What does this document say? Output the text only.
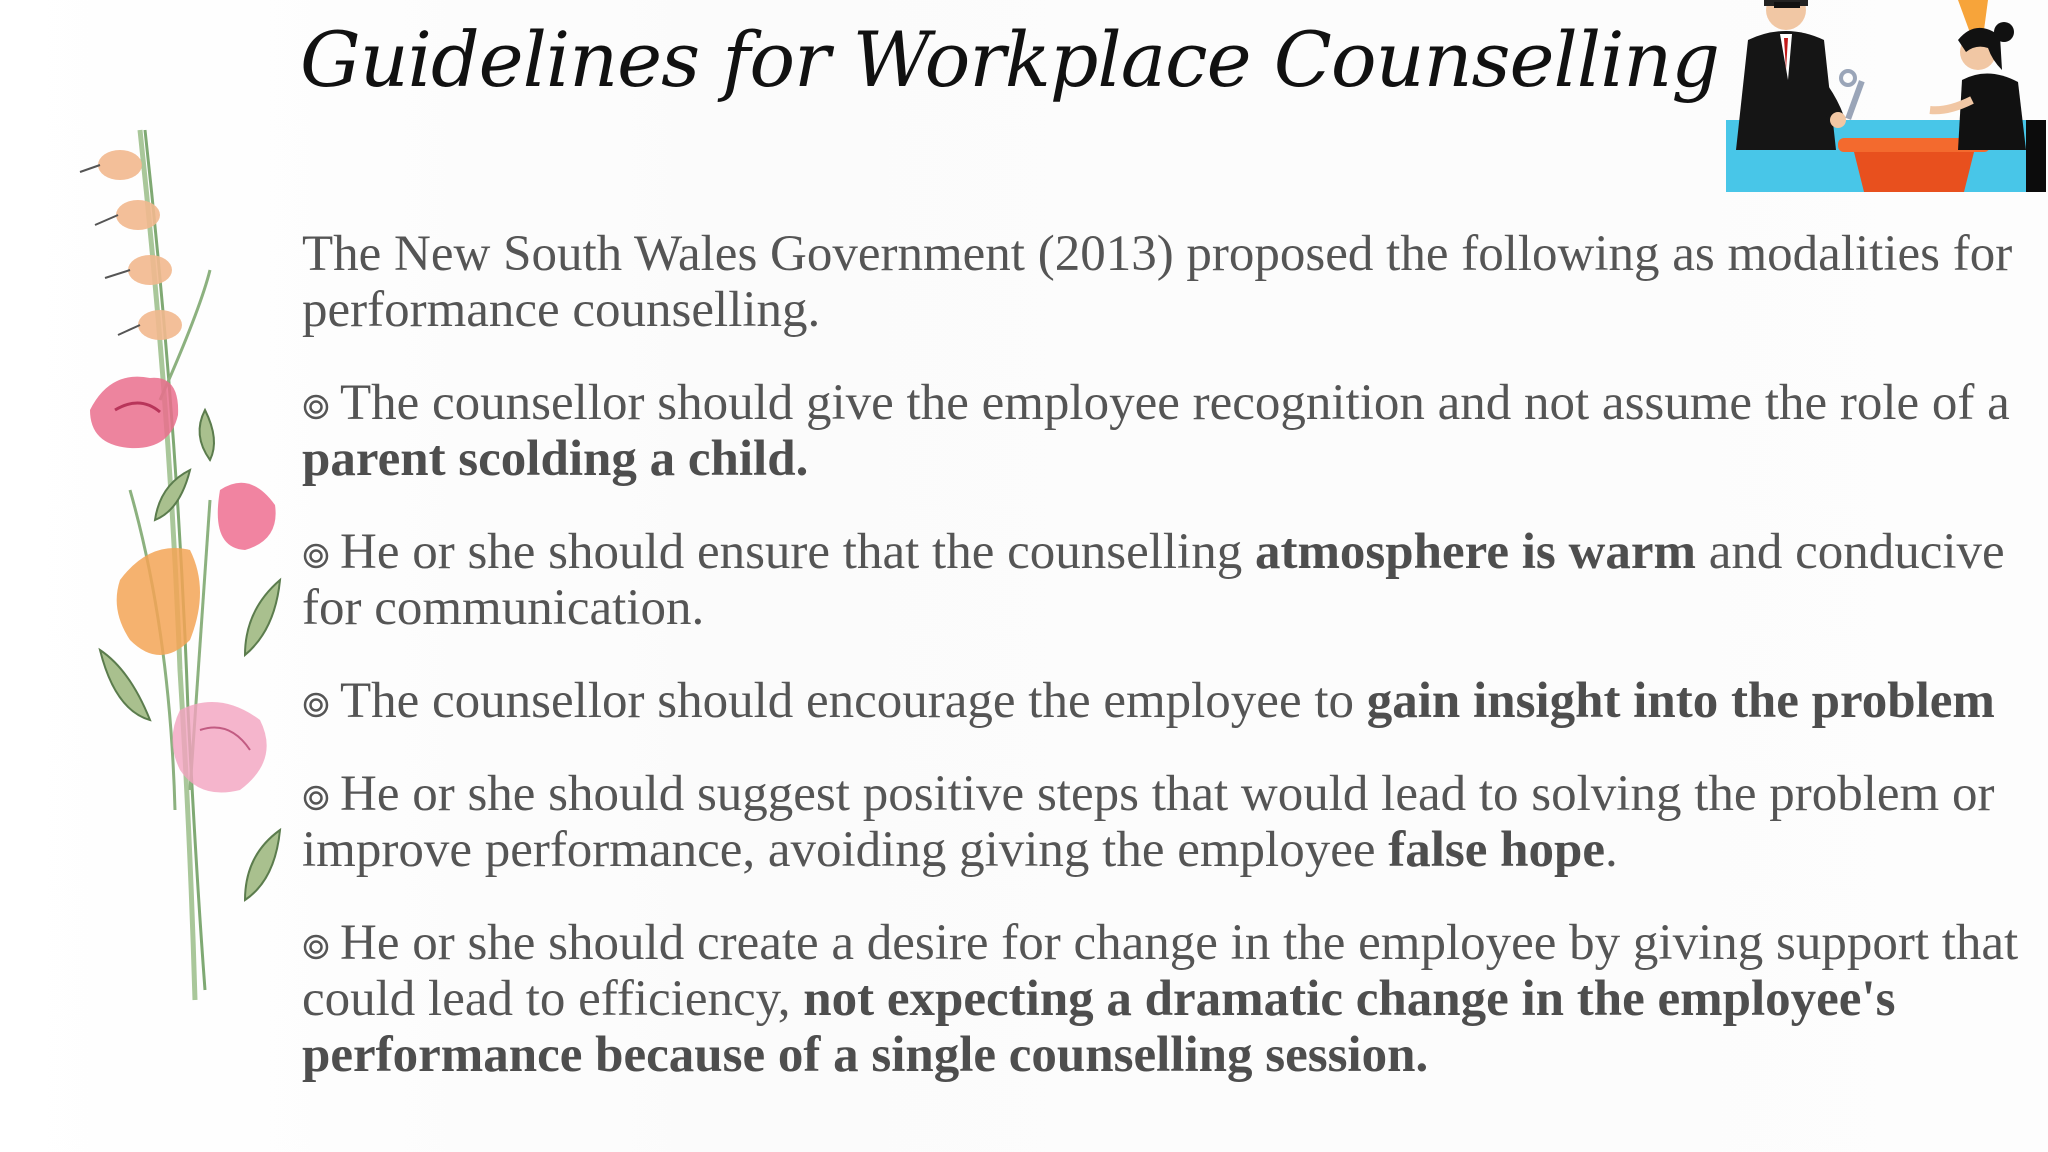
Guidelines for Workplace Counselling

The New South Wales Government (2013) proposed the following as modalities for performance counselling.

The counsellor should give the employee recognition and not assume the role of a parent scolding a child.

He or she should ensure that the counselling atmosphere is warm and conducive for communication.

The counsellor should encourage the employee to gain insight into the problem

He or she should suggest positive steps that would lead to solving the problem or improve performance, avoiding giving the employee false hope.

He or she should create a desire for change in the employee by giving support that could lead to efficiency, not expecting a dramatic change in the employee's performance because of a single counselling session.
